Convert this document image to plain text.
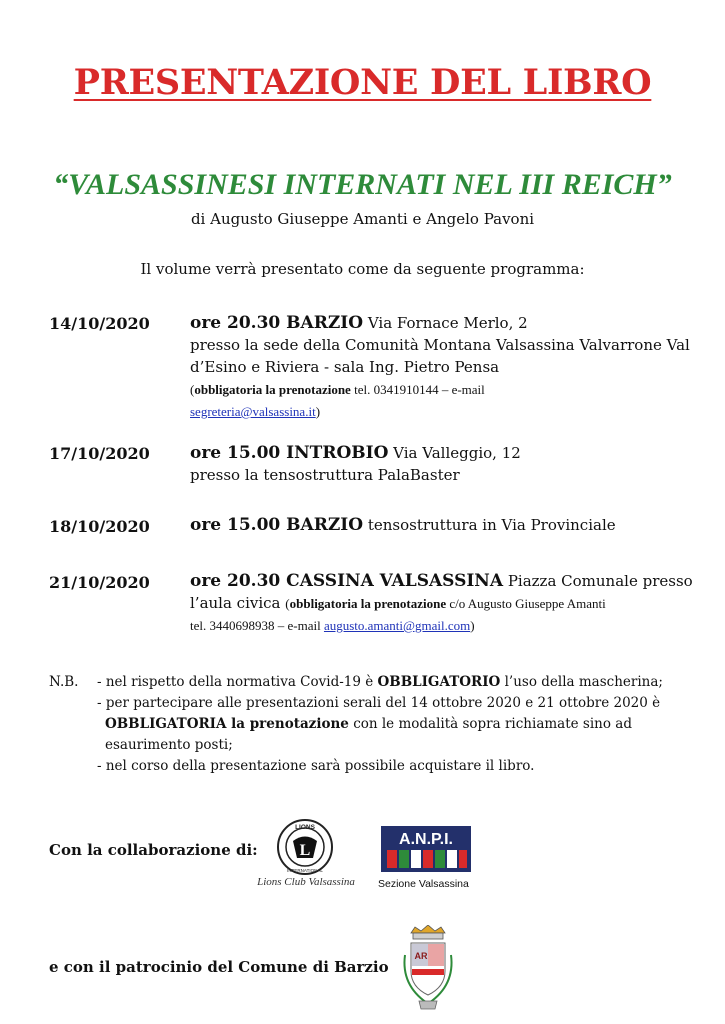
PRESENTAZIONE DEL LIBRO
“VALSASSINESI INTERNATI NEL III REICH”
di Augusto Giuseppe Amanti e Angelo Pavoni
Il volume verrà presentato come da seguente programma:
14/10/2020 ore 20.30 BARZIO Via Fornace Merlo, 2
presso la sede della Comunità Montana Valsassina Valvarrone Val d’Esino e Riviera - sala Ing. Pietro Pensa
(obbligatoria la prenotazione tel. 0341910144 – e-mail
segreteria@valsassina.it)
17/10/2020 ore 15.00 INTROBIO Via Valleggio, 12
presso la tensostruttura PalaBaster
18/10/2020 ore 15.00 BARZIO tensostruttura in Via Provinciale
21/10/2020 ore 20.30 CASSINA VALSASSINA Piazza Comunale presso
l’aula civica (obbligatoria la prenotazione c/o Augusto Giuseppe Amanti
tel. 3440698938 – e-mail augusto.amanti@gmail.com)
N.B. - nel rispetto della normativa Covid-19 è OBBLIGATORIO l’uso della mascherina;
- per partecipare alle presentazioni serali del 14 ottobre 2020 e 21 ottobre 2020 è
OBBLIGATORIA la prenotazione con le modalità sopra richiamate sino ad
esaurimento posti;
- nel corso della presentazione sarà possibile acquistare il libro.
Con la collaborazione di:
LIONS
INTERNATIONAL
L
Lions Club Valsassina
A.N.P.I.
Sezione Valsassina
e con il patrocinio del Comune di Barzio
AR
